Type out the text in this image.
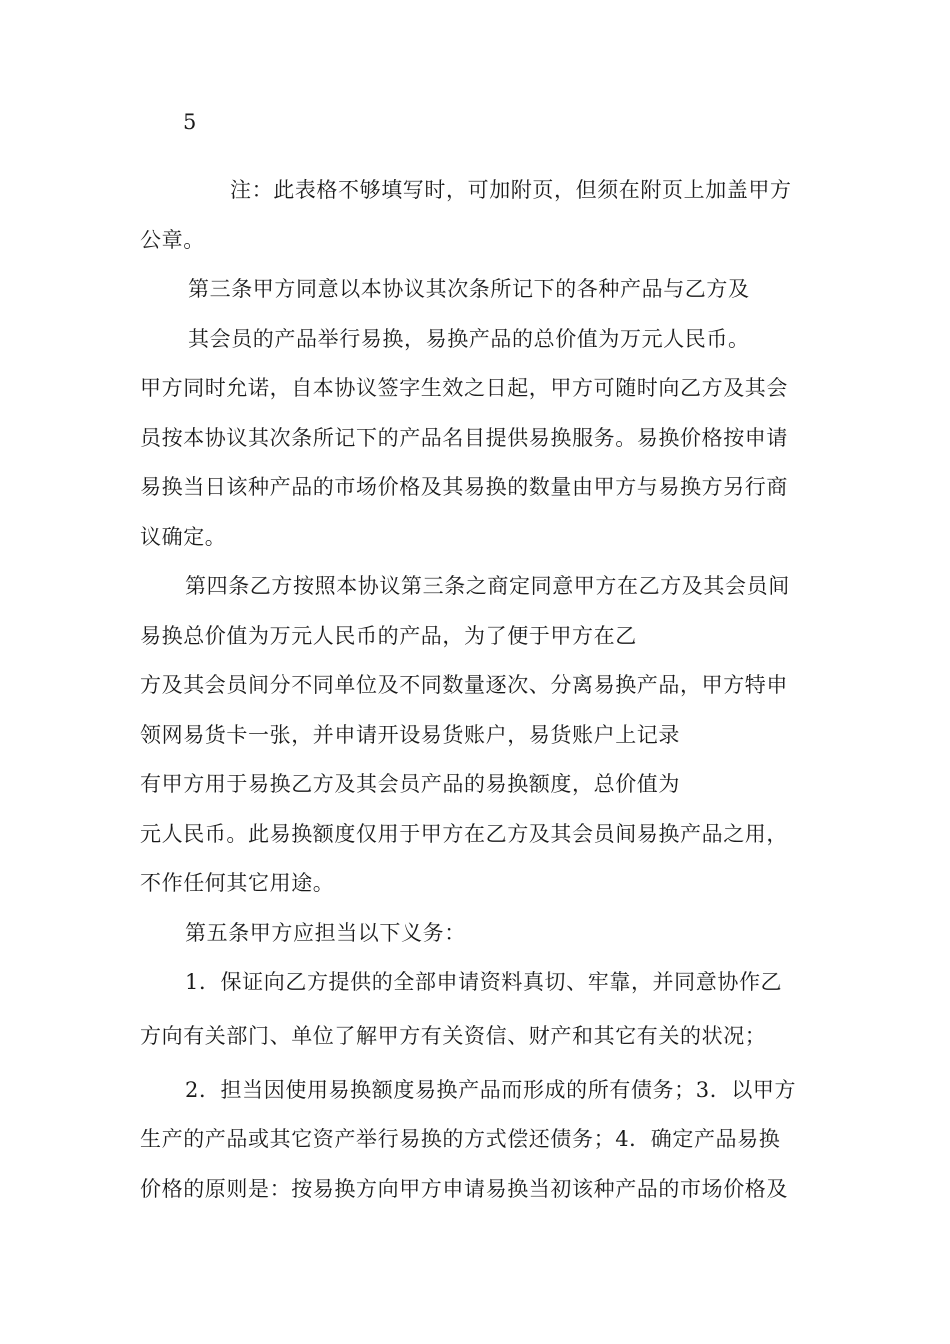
5
注：此表格不够填写时，可加附页，但须在附页上加盖甲方
公章。
第三条甲方同意以本协议其次条所记下的各种产品与乙方及
其会员的产品举行易换，易换产品的总价值为万元人民币。
甲方同时允诺，自本协议签字生效之日起，甲方可随时向乙方及其会
员按本协议其次条所记下的产品名目提供易换服务。易换价格按申请
易换当日该种产品的市场价格及其易换的数量由甲方与易换方另行商
议确定。
第四条乙方按照本协议第三条之商定同意甲方在乙方及其会员间
易换总价值为万元人民币的产品，为了便于甲方在乙
方及其会员间分不同单位及不同数量逐次、分离易换产品，甲方特申
领网易货卡一张，并申请开设易货账户，易货账户上记录
有甲方用于易换乙方及其会员产品的易换额度，总价值为
元人民币。此易换额度仅用于甲方在乙方及其会员间易换产品之用，
不作任何其它用途。
第五条甲方应担当以下义务：
1．保证向乙方提供的全部申请资料真切、牢靠，并同意协作乙
方向有关部门、单位了解甲方有关资信、财产和其它有关的状况；
2．担当因使用易换额度易换产品而形成的所有债务；3．以甲方
生产的产品或其它资产举行易换的方式偿还债务；4．确定产品易换
价格的原则是：按易换方向甲方申请易换当初该种产品的市场价格及
